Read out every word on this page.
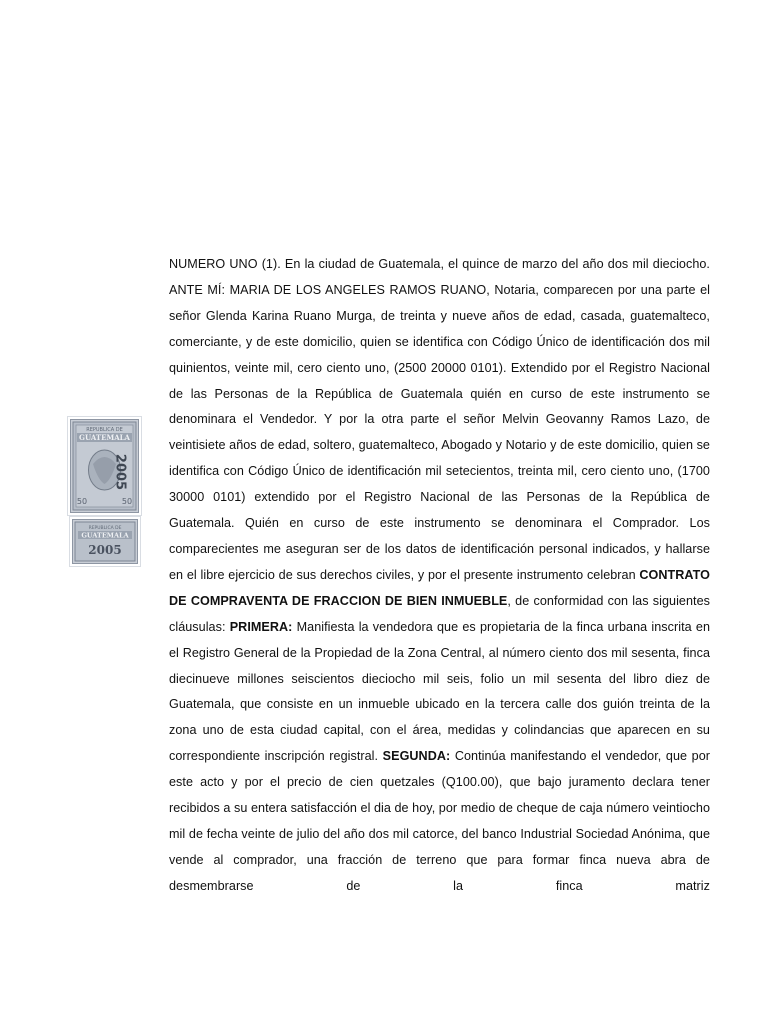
NUMERO UNO (1). En la ciudad de Guatemala, el quince de marzo del año dos mil dieciocho. ANTE MÍ: MARIA DE LOS ANGELES RAMOS RUANO, Notaria, comparecen por una parte el señor Glenda Karina Ruano Murga, de treinta y nueve años de edad, casada, guatemalteco, comerciante, y de este domicilio, quien se identifica con Código Único de identificación dos mil quinientos, veinte mil, cero ciento uno, (2500 20000 0101). Extendido por el Registro Nacional de las Personas de la República de Guatemala quién en curso de este instrumento se denominara el Vendedor. Y por la otra parte el señor Melvin Geovanny Ramos Lazo, de veintisiete años de edad, soltero, guatemalteco, Abogado y Notario y de este domicilio, quien se identifica con Código Único de identificación mil setecientos, treinta mil, cero ciento uno, (1700 30000 0101) extendido por el Registro Nacional de las Personas de la República de Guatemala. Quién en curso de este instrumento se denominara el Comprador. Los comparecientes me aseguran ser de los datos de identificación personal indicados, y hallarse en el libre ejercicio de sus derechos civiles, y por el presente instrumento celebran CONTRATO DE COMPRAVENTA DE FRACCION DE BIEN INMUEBLE, de conformidad con las siguientes cláusulas: PRIMERA: Manifiesta la vendedora que es propietaria de la finca urbana inscrita en el Registro General de la Propiedad de la Zona Central, al número ciento dos mil sesenta, finca diecinueve millones seiscientos dieciocho mil seis, folio un mil sesenta del libro diez de Guatemala, que consiste en un inmueble ubicado en la tercera calle dos guión treinta de la zona uno de esta ciudad capital, con el área, medidas y colindancias que aparecen en su correspondiente inscripción registral. SEGUNDA: Continúa manifestando el vendedor, que por este acto y por el precio de cien quetzales (Q100.00), que bajo juramento declara tener recibidos a su entera satisfacción el dia de hoy, por medio de cheque de caja número veintiocho mil de fecha veinte de julio del año dos mil catorce, del banco Industrial Sociedad Anónima, que vende al comprador, una fracción de terreno que para formar finca nueva abra de desmembrarse de la finca matriz

REPUBLICA DE
GUATEMALA
2005
50	50
REPUBLICA DE
GUATEMALA
2005
